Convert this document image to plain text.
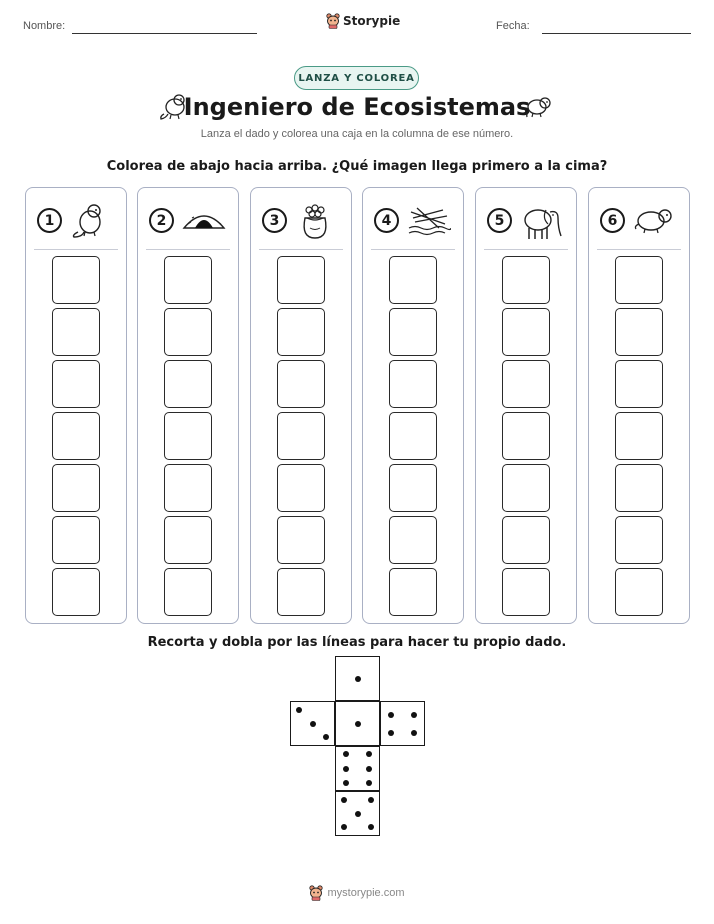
Nombre:	Storypie	Fecha:
LANZA Y COLOREA
Ingeniero de Ecosistemas
Lanza el dado y colorea una caja en la columna de ese número.
Colorea de abajo hacia arriba. ¿Qué imagen llega primero a la cima?
1	2	3	4	5	6
Recorta y dobla por las líneas para hacer tu propio dado.
mystorypie.com
